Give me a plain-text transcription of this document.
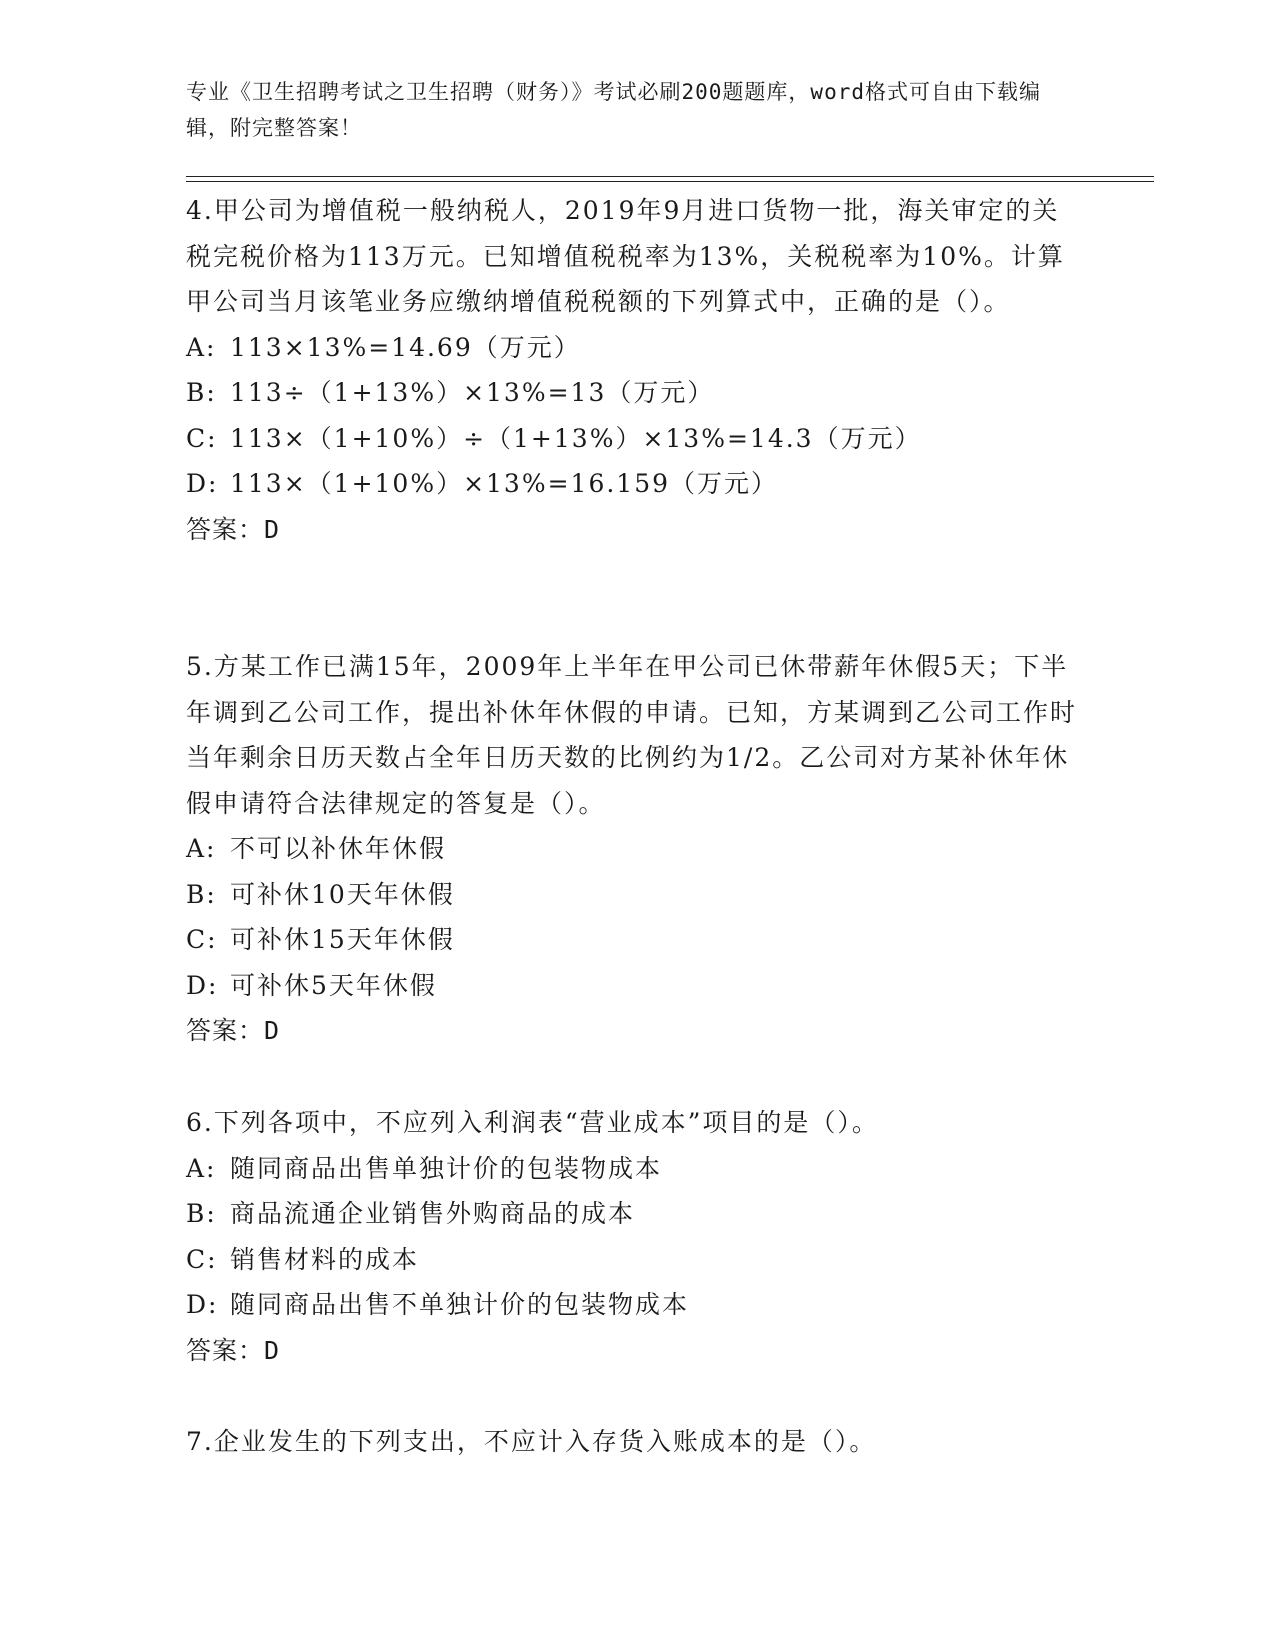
专业《卫生招聘考试之卫生招聘（财务）》考试必刷200题题库，word格式可自由下载编辑，附完整答案！
4.甲公司为增值税一般纳税人，2019年9月进口货物一批，海关审定的关税完税价格为113万元。已知增值税税率为13%，关税税率为10%。计算甲公司当月该笔业务应缴纳增值税税额的下列算式中，正确的是（）。
A: 113×13%=14.69（万元）
B: 113÷（1+13%）×13%=13（万元）
C: 113×（1+10%）÷（1+13%）×13%=14.3（万元）
D: 113×（1+10%）×13%=16.159（万元）
答案：D
5.方某工作已满15年，2009年上半年在甲公司已休带薪年休假5天；下半年调到乙公司工作，提出补休年休假的申请。已知，方某调到乙公司工作时当年剩余日历天数占全年日历天数的比例约为1/2。乙公司对方某补休年休假申请符合法律规定的答复是（）。
A: 不可以补休年休假
B: 可补休10天年休假
C: 可补休15天年休假
D: 可补休5天年休假
答案：D
6.下列各项中，不应列入利润表“营业成本”项目的是（）。
A: 随同商品出售单独计价的包装物成本
B: 商品流通企业销售外购商品的成本
C: 销售材料的成本
D: 随同商品出售不单独计价的包装物成本
答案：D
7.企业发生的下列支出，不应计入存货入账成本的是（）。
